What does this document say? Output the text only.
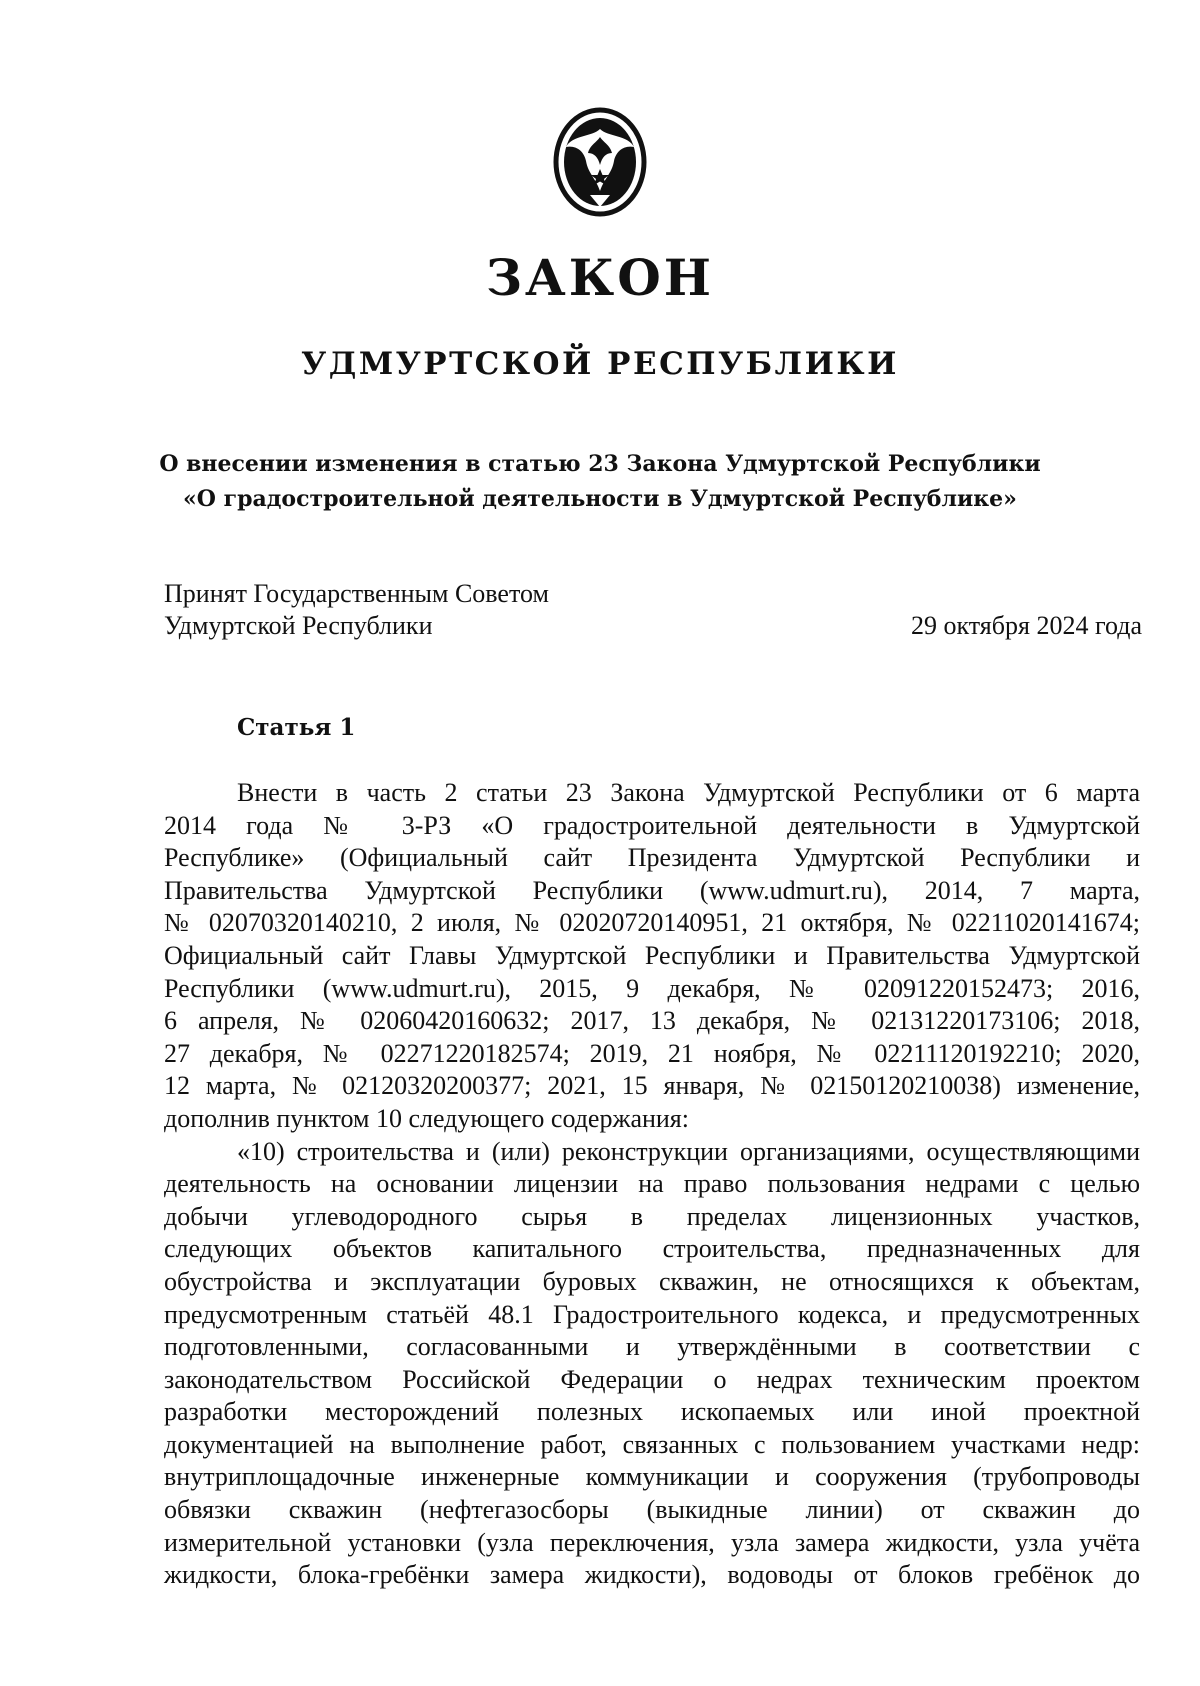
ЗАКОН
УДМУРТСКОЙ РЕСПУБЛИКИ
О внесении изменения в статью 23 Закона Удмуртской Республики
«О градостроительной деятельности в Удмуртской Республике»
Принят Государственным Советом
Удмуртской Республики	29 октября 2024 года
Статья 1
Внести в часть 2 статьи 23 Закона Удмуртской Республики от 6 марта
2014 года № 3-РЗ «О градостроительной деятельности в Удмуртской
Республике» (Официальный сайт Президента Удмуртской Республики и
Правительства Удмуртской Республики (www.udmurt.ru), 2014, 7 марта,
№ 02070320140210, 2 июля, № 02020720140951, 21 октября, № 02211020141674;
Официальный сайт Главы Удмуртской Республики и Правительства Удмуртской
Республики (www.udmurt.ru), 2015, 9 декабря, № 02091220152473; 2016,
6 апреля, № 02060420160632; 2017, 13 декабря, № 02131220173106; 2018,
27 декабря, № 02271220182574; 2019, 21 ноября, № 02211120192210; 2020,
12 марта, № 02120320200377; 2021, 15 января, № 02150120210038) изменение,
дополнив пунктом 10 следующего содержания:
«10) строительства и (или) реконструкции организациями, осуществляющими
деятельность на основании лицензии на право пользования недрами с целью
добычи углеводородного сырья в пределах лицензионных участков,
следующих объектов капитального строительства, предназначенных для
обустройства и эксплуатации буровых скважин, не относящихся к объектам,
предусмотренным статьёй 48.1 Градостроительного кодекса, и предусмотренных
подготовленными, согласованными и утверждёнными в соответствии с
законодательством Российской Федерации о недрах техническим проектом
разработки месторождений полезных ископаемых или иной проектной
документацией на выполнение работ, связанных с пользованием участками недр:
внутриплощадочные инженерные коммуникации и сооружения (трубопроводы
обвязки скважин (нефтегазосборы (выкидные линии) от скважин до
измерительной установки (узла переключения, узла замера жидкости, узла учёта
жидкости, блока-гребёнки замера жидкости), водоводы от блоков гребёнок до
